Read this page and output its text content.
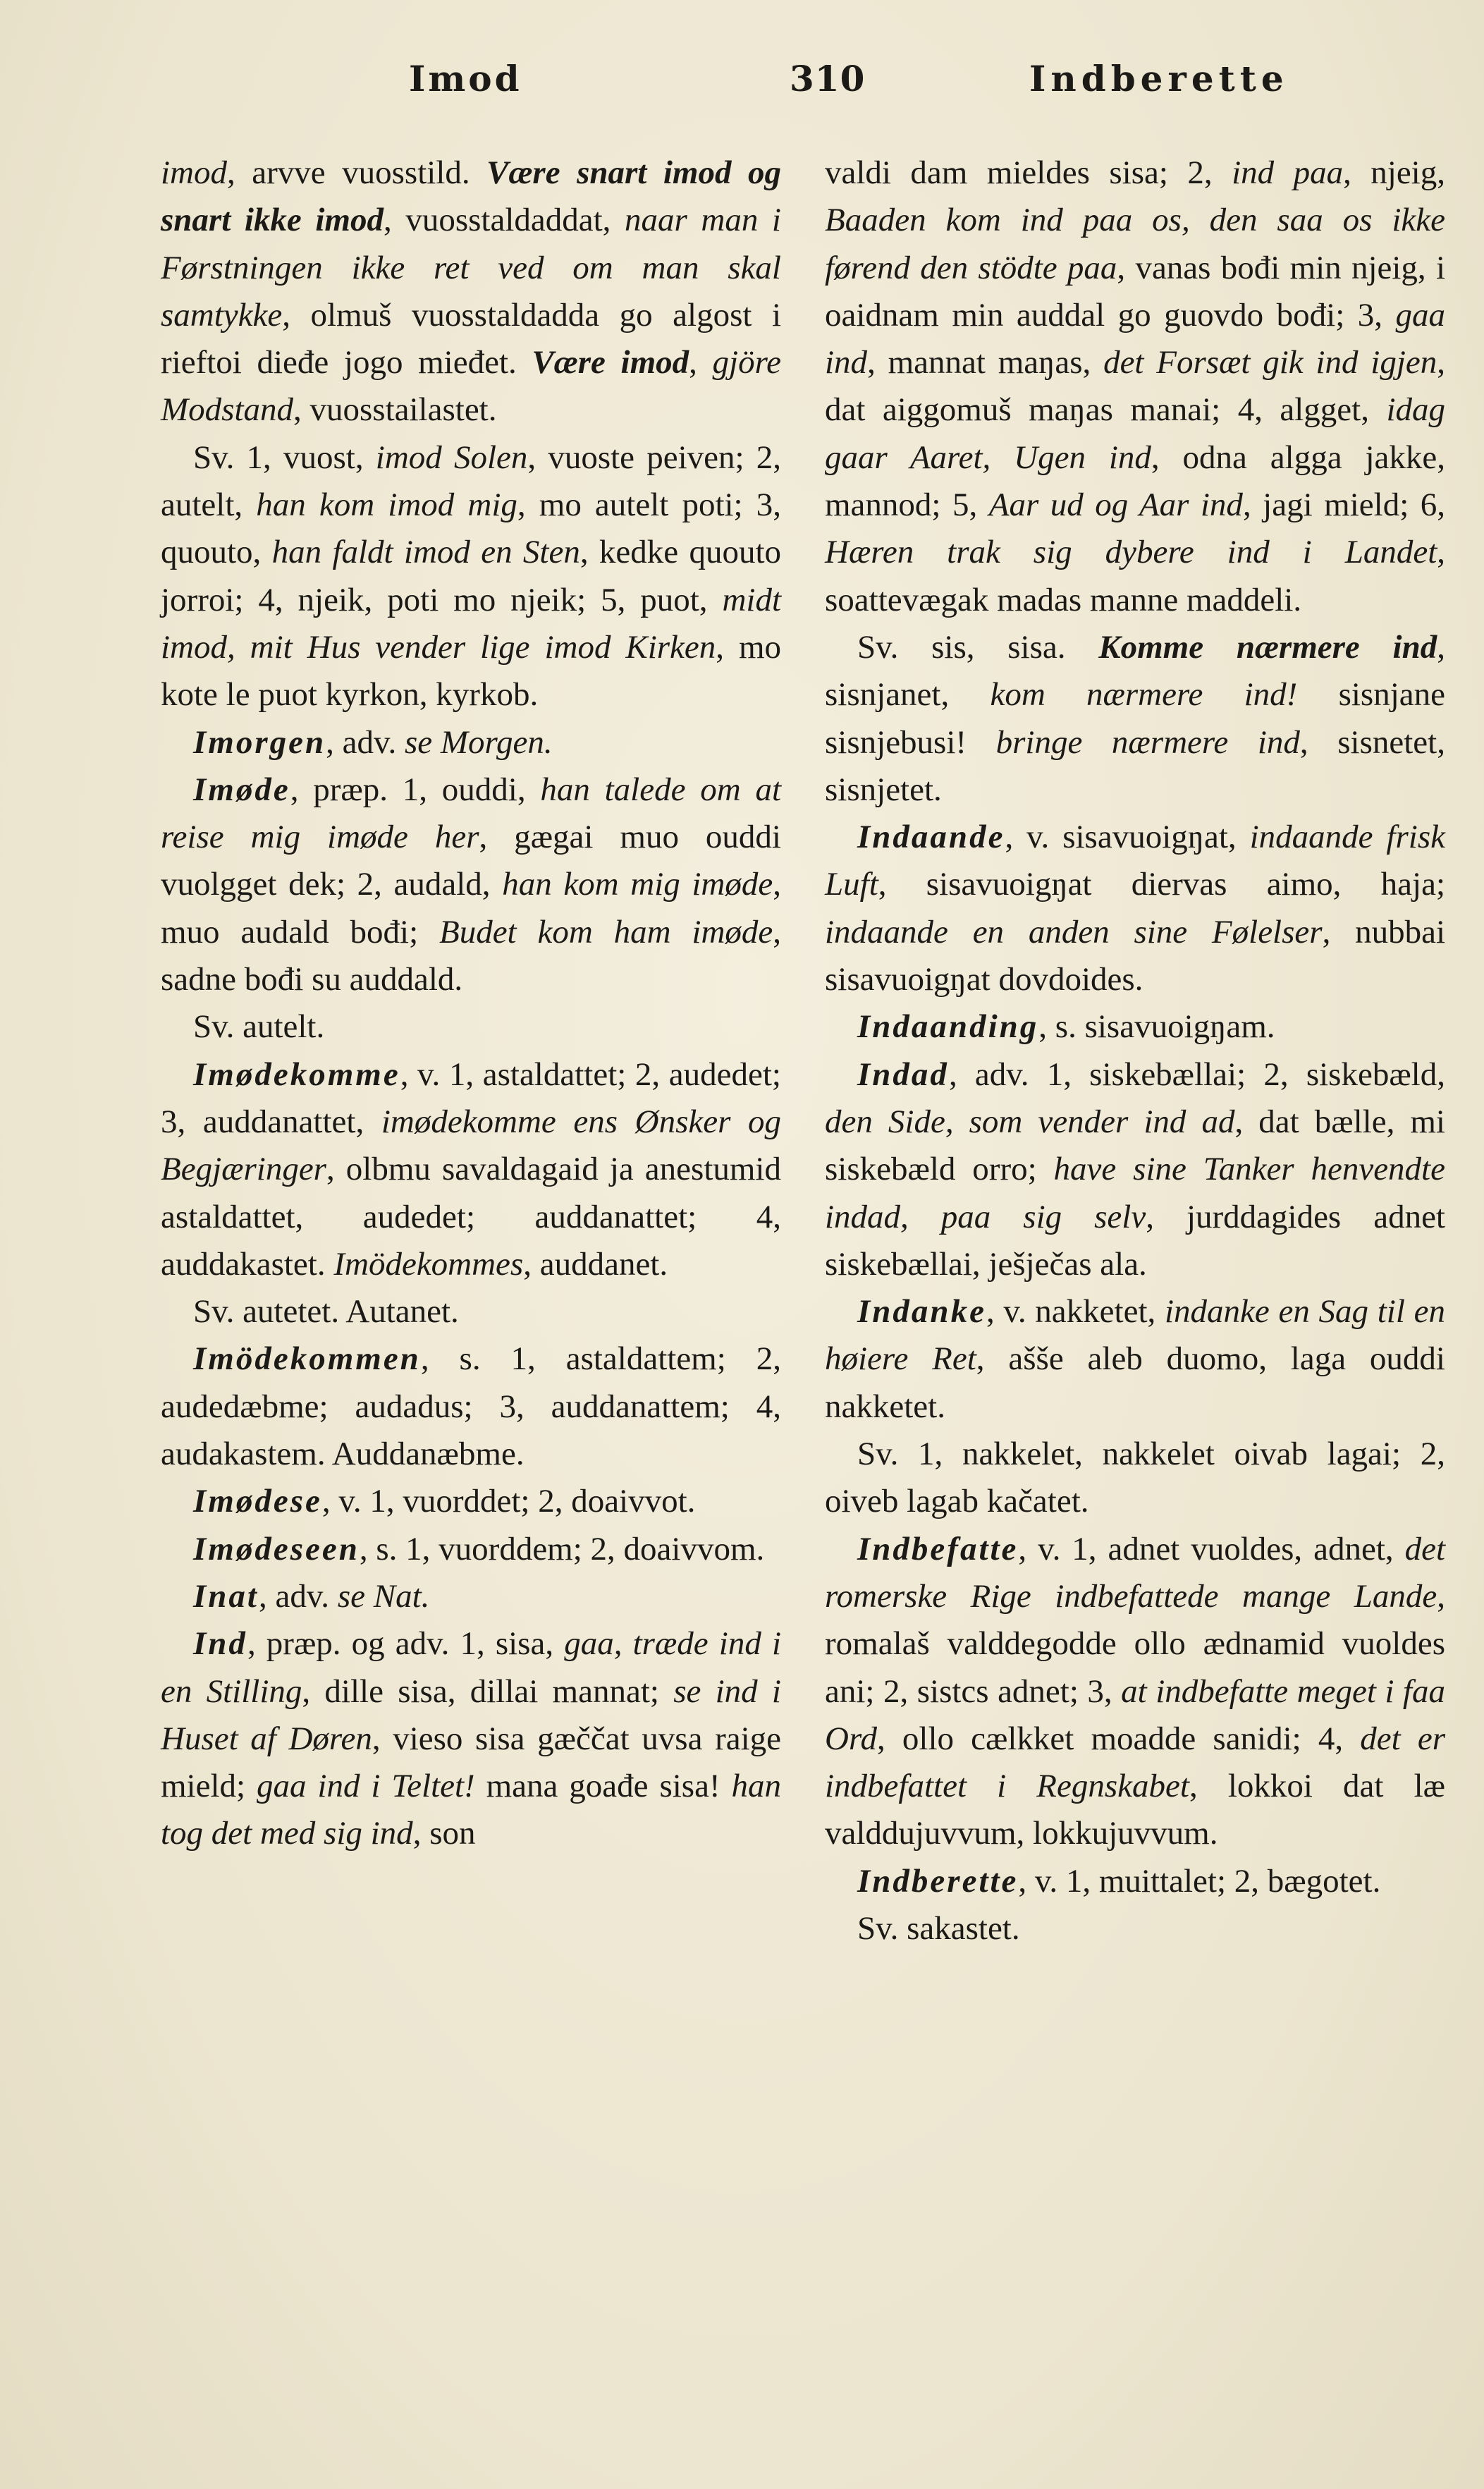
Imod	310	Indberette

imod, arvve vuosstild. Være snart imod og snart ikke imod, vuosstaldaddat, naar man i Førstningen ikke ret ved om man skal samtykke, olmuš vuosstaldadda go algost i rieftoi dieđe jogo mieđet. Være imod, gjöre Modstand, vuosstailastet.

Sv. 1, vuost, imod Solen, vuoste peiven; 2, autelt, han kom imod mig, mo autelt poti; 3, quouto, han faldt imod en Sten, kedke quouto jorroi; 4, njeik, poti mo njeik; 5, puot, midt imod, mit Hus vender lige imod Kirken, mo kote le puot kyrkon, kyrkob.

Imorgen, adv. se Morgen.

Imøde, præp. 1, ouddi, han talede om at reise mig imøde her, gægai muo ouddi vuolgget dek; 2, audald, han kom mig imøde, muo audald bođi; Budet kom ham imøde, sadne bođi su auddald.

Sv. autelt.

Imødekomme, v. 1, astaldattet; 2, audedet; 3, auddanattet, imødekomme ens Ønsker og Begjæringer, olbmu savaldagaid ja anestumid astaldattet, audedet; auddanattet; 4, auddakastet. Imödekommes, auddanet.

Sv. autetet. Autanet.

Imödekommen, s. 1, astaldattem; 2, audedæbme; audadus; 3, auddanattem; 4, audakastem. Auddanæbme.

Imødese, v. 1, vuorddet; 2, doaivvot.

Imødeseen, s. 1, vuorddem; 2, doaivvom.

Inat, adv. se Nat.

Ind, præp. og adv. 1, sisa, gaa, træde ind i en Stilling, dille sisa, dillai mannat; se ind i Huset af Døren, vieso sisa gæččat uvsa raige mield; gaa ind i Teltet! mana goađe sisa! han tog det med sig ind, son

valdi dam mieldes sisa; 2, ind paa, njeig, Baaden kom ind paa os, den saa os ikke førend den stödte paa, vanas bođi min njeig, i oaidnam min auddal go guovdo bođi; 3, gaa ind, mannat maŋas, det Forsæt gik ind igjen, dat aiggomuš maŋas manai; 4, algget, idag gaar Aaret, Ugen ind, odna algga jakke, mannod; 5, Aar ud og Aar ind, jagi mield; 6, Hæren trak sig dybere ind i Landet, soattevægak madas manne maddeli.

Sv. sis, sisa. Komme nærmere ind, sisnjanet, kom nærmere ind! sisnjane sisnjebusi! bringe nærmere ind, sisnetet, sisnjetet.

Indaande, v. sisavuoigŋat, indaande frisk Luft, sisavuoigŋat diervas aimo, haja; indaande en anden sine Følelser, nubbai sisavuoigŋat dovdoides.

Indaanding, s. sisavuoigŋam.

Indad, adv. 1, siskebællai; 2, siskebæld, den Side, som vender ind ad, dat bælle, mi siskebæld orro; have sine Tanker henvendte indad, paa sig selv, jurddagides adnet siskebællai, ješječas ala.

Indanke, v. nakketet, indanke en Sag til en høiere Ret, ašše aleb duomo, laga ouddi nakketet.

Sv. 1, nakkelet, nakkelet oivab lagai; 2, oiveb lagab kačatet.

Indbefatte, v. 1, adnet vuoldes, adnet, det romerske Rige indbefattede mange Lande, romalaš valddegodde ollo ædnamid vuoldes ani; 2, sistcs adnet; 3, at indbefatte meget i faa Ord, ollo cælkket moadde sanidi; 4, det er indbefattet i Regnskabet, lokkoi dat læ valddujuvvum, lokkujuvvum.

Indberette, v. 1, muittalet; 2, bægotet.

Sv. sakastet.
